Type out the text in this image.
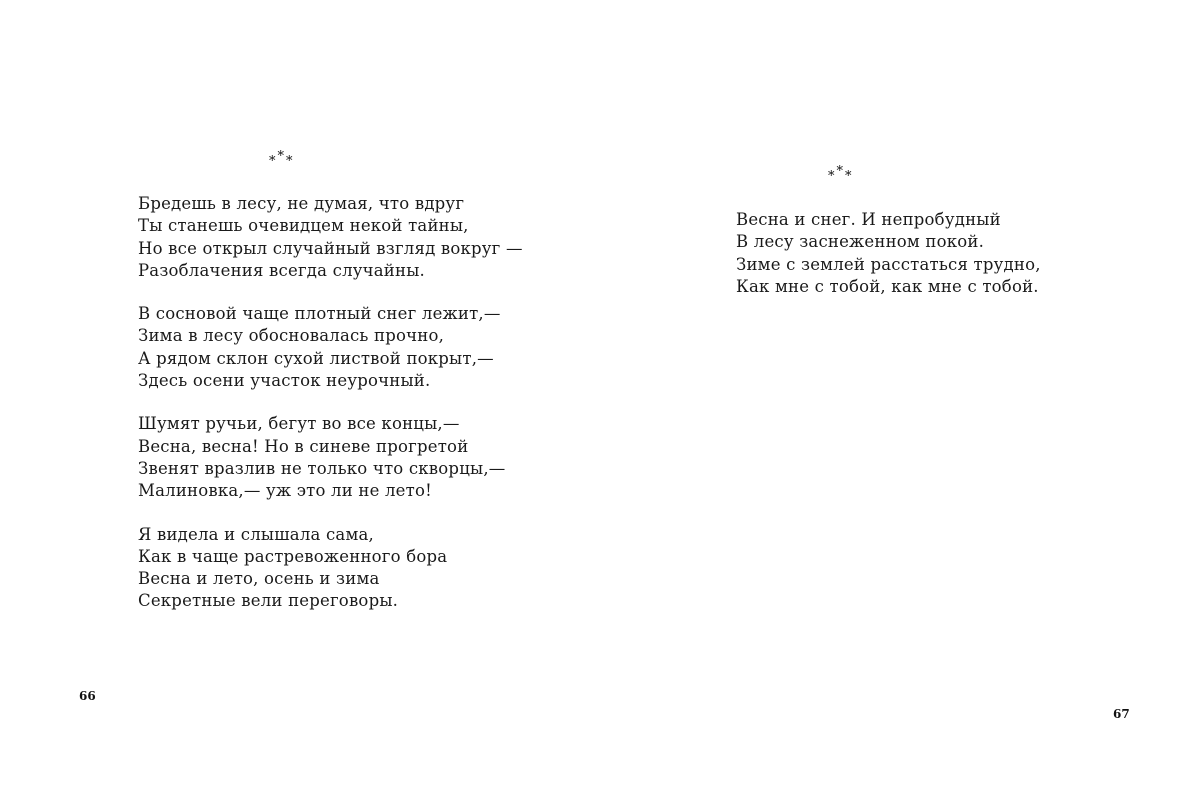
***

Бредешь в лесу, не думая, что вдруг
Ты станешь очевидцем некой тайны,
Но все открыл случайный взгляд вокруг —
Разоблачения всегда случайны.

В сосновой чаще плотный снег лежит,—
Зима в лесу обосновалась прочно,
А рядом склон сухой листвой покрыт,—
Здесь осени участок неурочный.

Шумят ручьи, бегут во все концы,—
Весна, весна! Но в синеве прогретой
Звенят вразлив не только что скворцы,—
Малиновка,— уж это ли не лето!

Я видела и слышала сама,
Как в чаще растревоженного бора
Весна и лето, осень и зима
Секретные вели переговоры.

66
***

Весна и снег. И непробудный
В лесу заснеженном покой.
Зиме с землей расстаться трудно,
Как мне с тобой, как мне с тобой.

67
